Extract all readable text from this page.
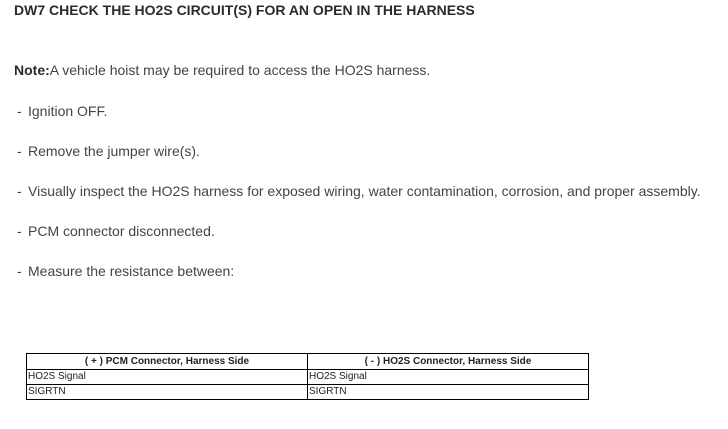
DW7 CHECK THE HO2S CIRCUIT(S) FOR AN OPEN IN THE HARNESS
Note:A vehicle hoist may be required to access the HO2S harness.
- Ignition OFF.
- Remove the jumper wire(s).
- Visually inspect the HO2S harness for exposed wiring, water contamination, corrosion, and proper assembly.
- PCM connector disconnected.
- Measure the resistance between:
( + ) PCM Connector, Harness Side	( - ) HO2S Connector, Harness Side
HO2S Signal	HO2S Signal
SIGRTN	SIGRTN
